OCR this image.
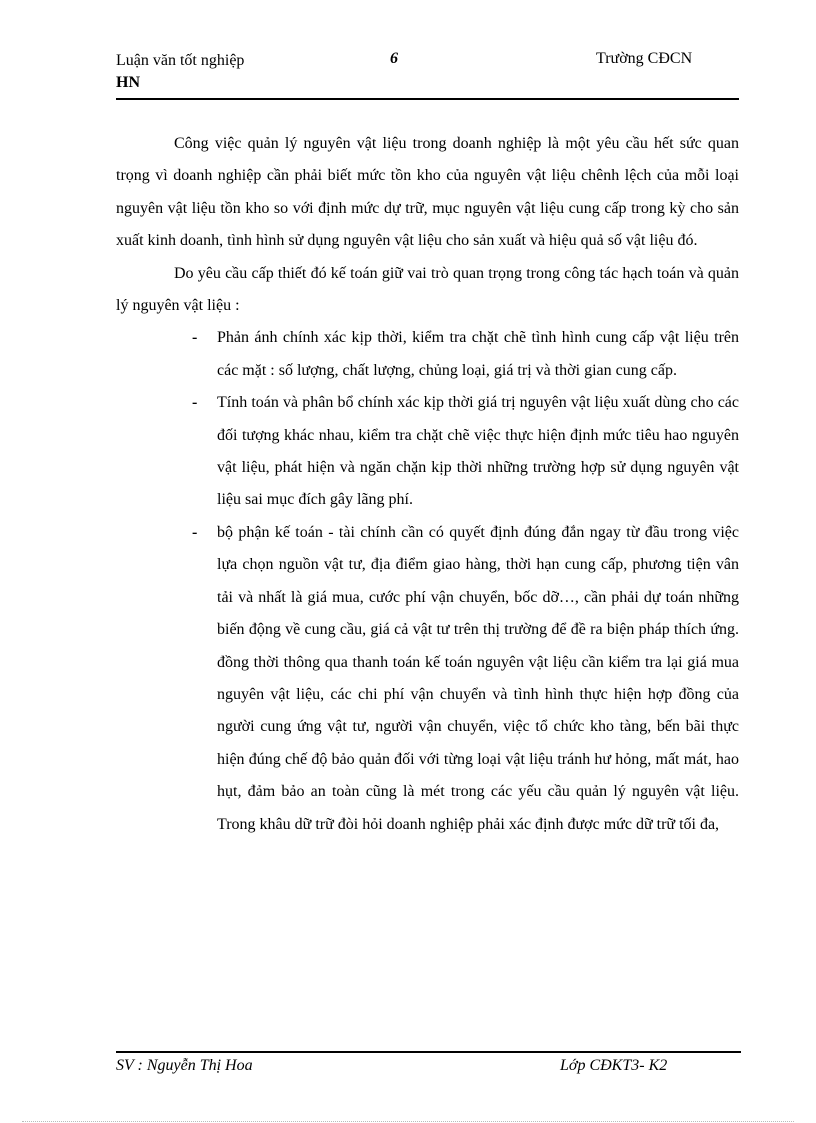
Luận văn tốt nghiệp
HN
6	Trường CĐCN

Công việc quản lý nguyên vật liệu trong doanh nghiệp là một yêu cầu hết sức quan trọng vì doanh nghiệp cần phải biết mức tồn kho của nguyên vật liệu chênh lệch của mỗi loại nguyên vật liệu tồn kho so với định mức dự trữ, mục nguyên vật liệu cung cấp trong kỳ cho sản xuất kinh doanh, tình hình sử dụng nguyên vật liệu cho sản xuất và hiệu quả số vật liệu đó.

Do yêu cầu cấp thiết đó kế toán giữ vai trò quan trọng trong công tác hạch toán và quản lý nguyên vật liệu :

- Phản ánh chính xác kịp thời, kiểm tra chặt chẽ tình hình cung cấp vật liệu trên các mặt : số lượng, chất lượng, chủng loại, giá trị và thời gian cung cấp.
- Tính toán và phân bổ chính xác kịp thời giá trị nguyên vật liệu xuất dùng cho các đối tượng khác nhau, kiểm tra chặt chẽ việc thực hiện định mức tiêu hao nguyên vật liệu, phát hiện và ngăn chặn kịp thời những trường hợp sử dụng nguyên vật liệu sai mục đích gây lãng phí.
- bộ phận kế toán - tài chính cần có quyết định đúng đắn ngay từ đầu trong việc lựa chọn nguồn vật tư, địa điểm giao hàng, thời hạn cung cấp, phương tiện vân tải và nhất là giá mua, cước phí vận chuyển, bốc dỡ…, cần phải dự toán những biến động về cung cầu, giá cả vật tư trên thị trường để đề ra biện pháp thích ứng. đồng thời thông qua thanh toán kế toán nguyên vật liệu cần kiểm tra lại giá mua nguyên vật liệu, các chi phí vận chuyển và tình hình thực hiện hợp đồng của người cung ứng vật tư, người vận chuyển, việc tổ chức kho tàng, bến bãi thực hiện đúng chế độ bảo quản đối với từng loại vật liệu tránh hư hỏng, mất mát, hao hụt, đảm bảo an toàn cũng là mét trong các yếu cầu quản lý nguyên vật liệu. Trong khâu dữ trữ đòi hỏi doanh nghiệp phải xác định được mức dữ trữ tối đa,
SV : Nguyễn Thị Hoa	Lớp CĐKT3- K2
